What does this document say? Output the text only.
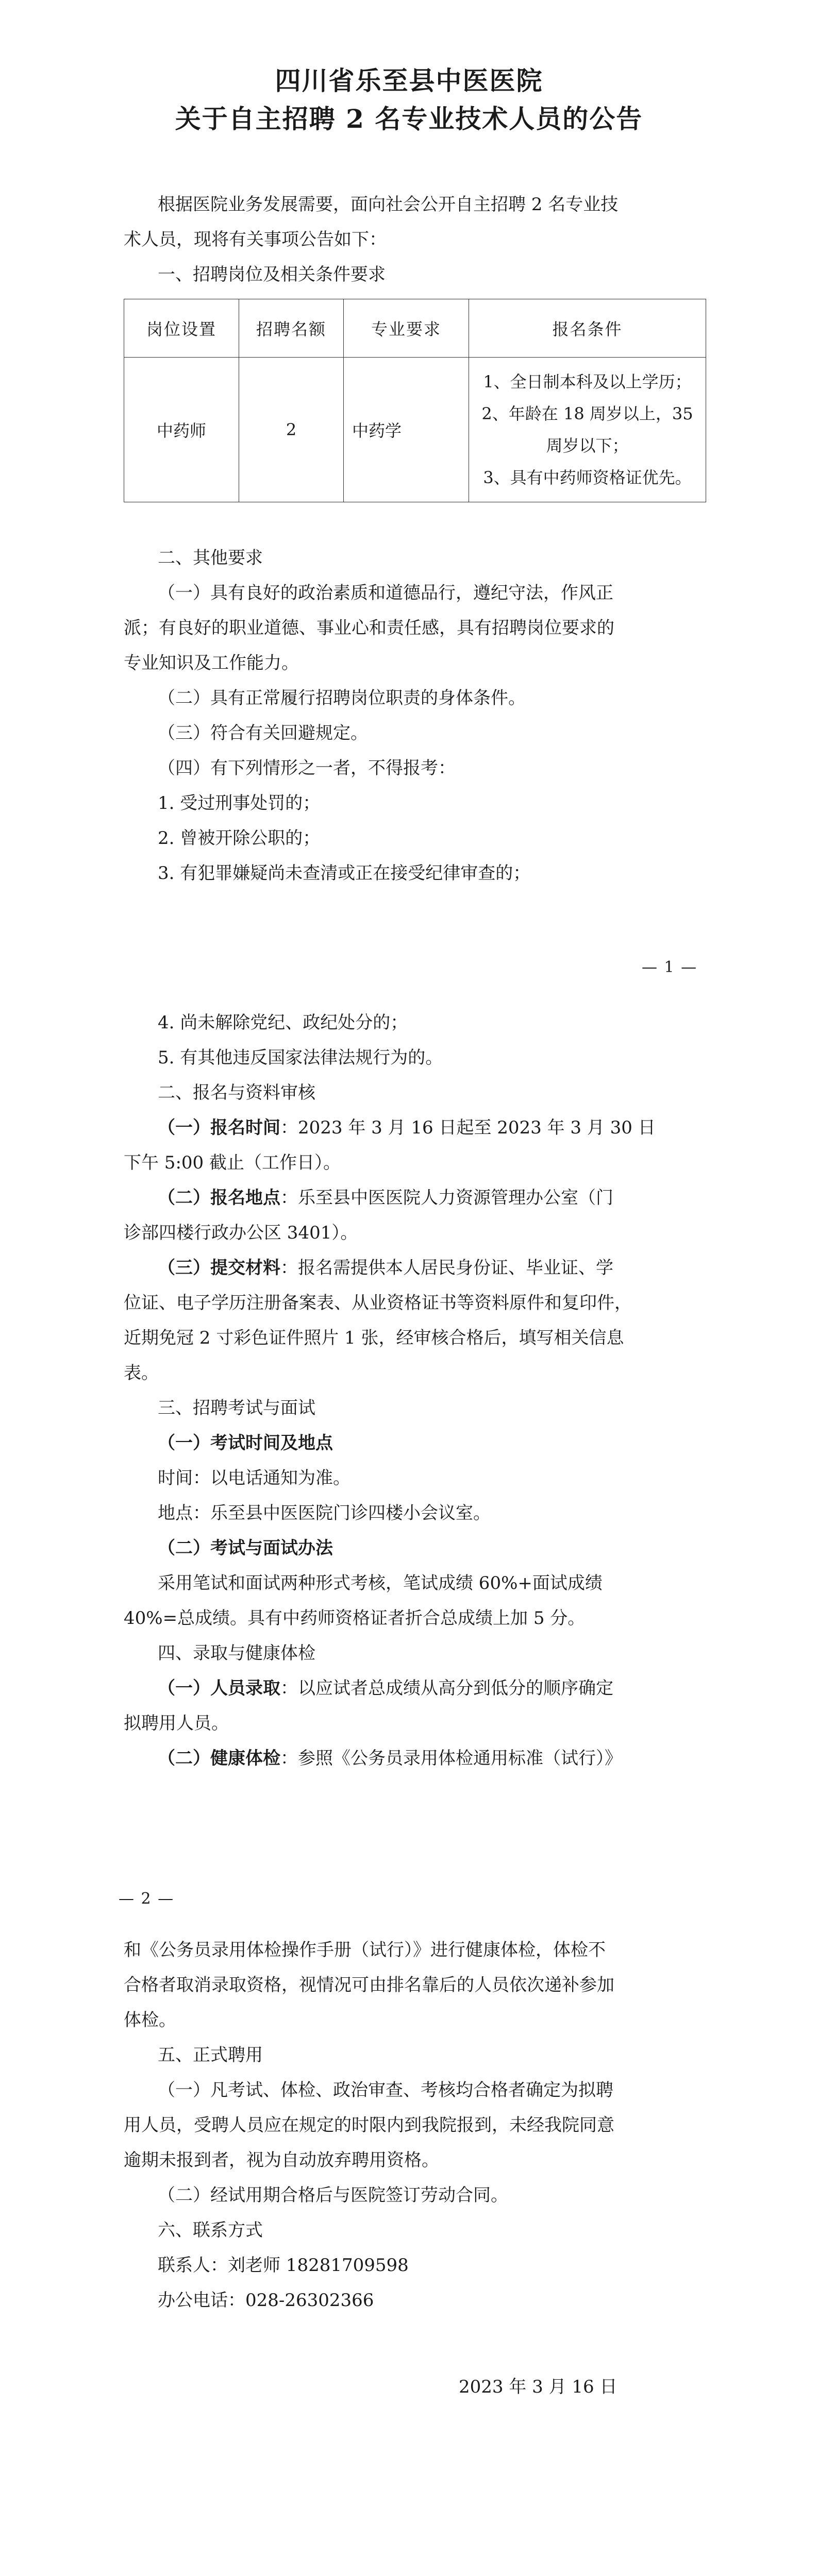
四川省乐至县中医医院
关于自主招聘 2 名专业技术人员的公告
根据医院业务发展需要，面向社会公开自主招聘 2 名专业技
术人员，现将有关事项公告如下：
一、招聘岗位及相关条件要求
岗位设置	招聘名额	专业要求	报名条件
中药师	2	中药学	1、全日制本科及以上学历；
2、年龄在 18 周岁以上，35
周岁以下；
3、具有中药师资格证优先。
二、其他要求
（一）具有良好的政治素质和道德品行，遵纪守法，作风正
派；有良好的职业道德、事业心和责任感，具有招聘岗位要求的
专业知识及工作能力。
（二）具有正常履行招聘岗位职责的身体条件。
（三）符合有关回避规定。
（四）有下列情形之一者，不得报考：
1. 受过刑事处罚的；
2. 曾被开除公职的；
3. 有犯罪嫌疑尚未查清或正在接受纪律审查的；
— 1 —
4. 尚未解除党纪、政纪处分的；
5. 有其他违反国家法律法规行为的。
二、报名与资料审核
（一）报名时间：2023 年 3 月 16 日起至 2023 年 3 月 30 日
下午 5:00 截止（工作日）。
（二）报名地点：乐至县中医医院人力资源管理办公室（门
诊部四楼行政办公区 3401）。
（三）提交材料：报名需提供本人居民身份证、毕业证、学
位证、电子学历注册备案表、从业资格证书等资料原件和复印件，
近期免冠 2 寸彩色证件照片 1 张，经审核合格后，填写相关信息
表。
三、招聘考试与面试
（一）考试时间及地点
时间：以电话通知为准。
地点：乐至县中医医院门诊四楼小会议室。
（二）考试与面试办法
采用笔试和面试两种形式考核，笔试成绩 60%+面试成绩
40%=总成绩。具有中药师资格证者折合总成绩上加 5 分。
四、录取与健康体检
（一）人员录取：以应试者总成绩从高分到低分的顺序确定
拟聘用人员。
（二）健康体检：参照《公务员录用体检通用标准（试行）》
— 2 —
和《公务员录用体检操作手册（试行）》进行健康体检，体检不
合格者取消录取资格，视情况可由排名靠后的人员依次递补参加
体检。
五、正式聘用
（一）凡考试、体检、政治审查、考核均合格者确定为拟聘
用人员，受聘人员应在规定的时限内到我院报到，未经我院同意
逾期未报到者，视为自动放弃聘用资格。
（二）经试用期合格后与医院签订劳动合同。
六、联系方式
联系人：刘老师 18281709598
办公电话：028-26302366
2023 年 3 月 16 日
